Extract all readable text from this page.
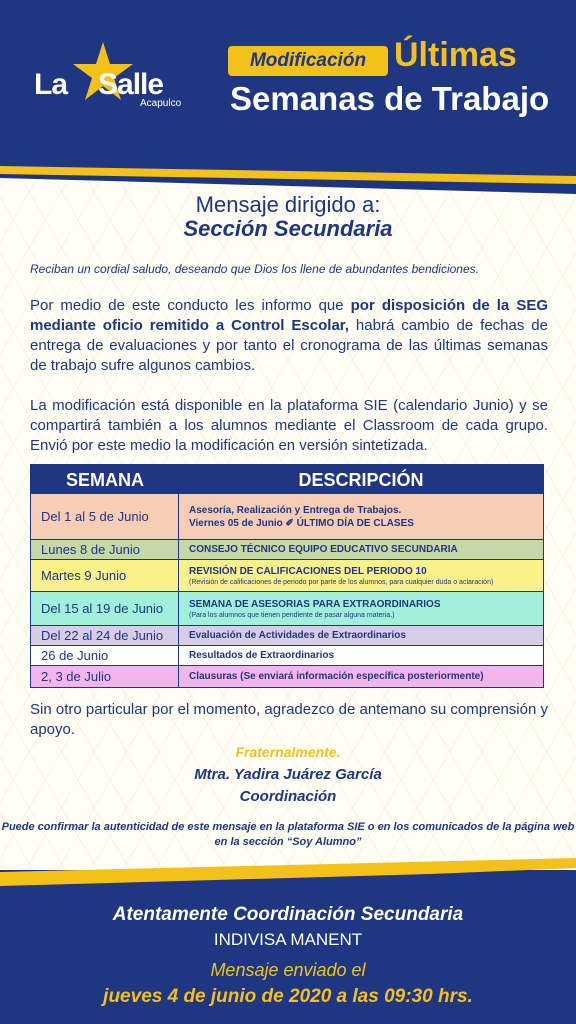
La Salle
Acapulco
Modificación Últimas
Semanas de Trabajo
Mensaje dirigido a:
Sección Secundaria
Reciban un cordial saludo, deseando que Dios los llene de abundantes bendiciones.
Por medio de este conducto les informo que por disposición de la SEG mediante oficio remitido a Control Escolar, habrá cambio de fechas de entrega de evaluaciones y por tanto el cronograma de las últimas semanas de trabajo sufre algunos cambios.
La modificación está disponible en la plataforma SIE (calendario Junio) y se compartirá también a los alumnos mediante el Classroom de cada grupo. Envió por este medio la modificación en versión sintetizada.
SEMANA	DESCRIPCIÓN
Del 1 al 5 de Junio	Asesoría, Realización y Entrega de Trabajos.
Viernes 05 de Junio ✐ ÚLTIMO DÍA DE CLASES
Lunes 8 de Junio	CONSEJO TÉCNICO EQUIPO EDUCATIVO SECUNDARIA
Martes 9 Junio	REVISIÓN DE CALIFICACIONES DEL PERIODO 10
(Revisión de calificaciones de periodo por parte de los alumnos, para cualquier duda o aclaración)
Del 15 al 19 de Junio	SEMANA DE ASESORIAS PARA EXTRAORDINARIOS
(Para los alumnos que tienen pendiente de pasar alguna materia.)
Del 22 al 24 de Junio	Evaluación de Actividades de Extraordinarios
26 de Junio	Resultados de Extraordinarios
2, 3 de Julio	Clausuras (Se enviará información específica posteriormente)
Sin otro particular por el momento, agradezco de antemano su comprensión y apoyo.
Fraternalmente.
Mtra. Yadira Juárez García
Coordinación
Puede confirmar la autenticidad de este mensaje en la plataforma SIE o en los comunicados de la página web en la sección “Soy Alumno”
Atentamente Coordinación Secundaria
INDIVISA MANENT
Mensaje enviado el
jueves 4 de junio de 2020 a las 09:30 hrs.
